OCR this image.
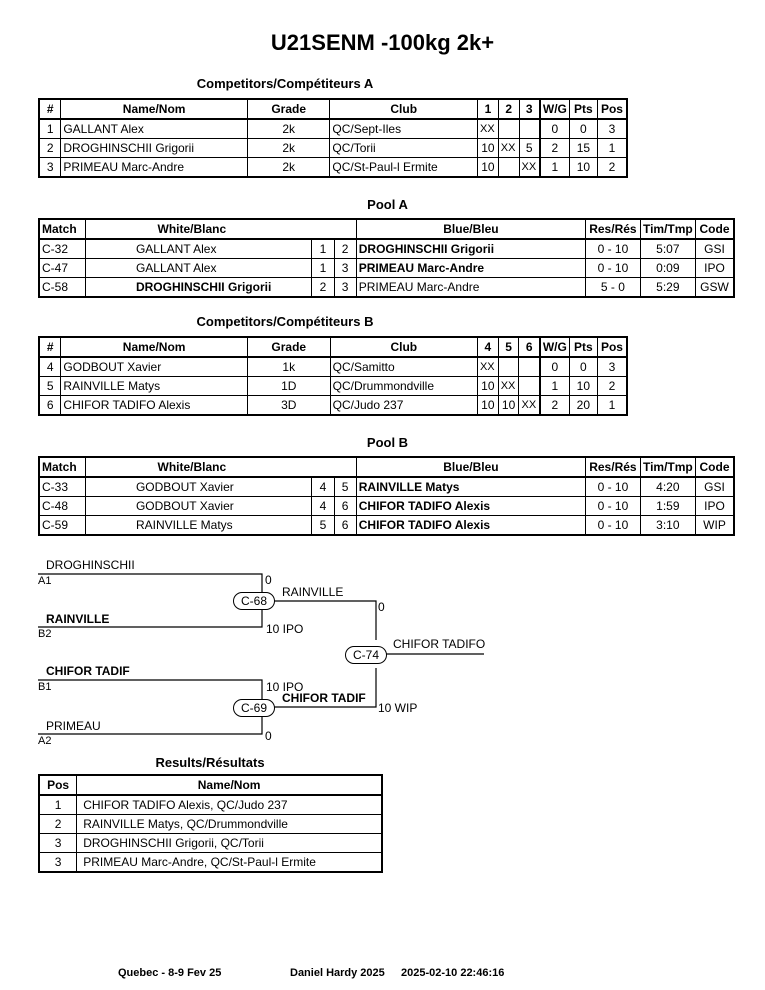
U21SENM -100kg 2k+
Competitors/Compétiteurs A
#	Name/Nom	Grade	Club	1	2	3	W/G	Pts	Pos
1	GALLANT Alex	2k	QC/Sept-Iles	XX			0	0	3
2	DROGHINSCHII Grigorii	2k	QC/Torii	10	XX	5	2	15	1
3	PRIMEAU Marc-Andre	2k	QC/St-Paul-l Ermite	10		XX	1	10	2
Pool A
Match	White/Blanc			Blue/Bleu	Res/Rés	Tim/Tmp	Code
C-32	GALLANT Alex	1	2	DROGHINSCHII Grigorii	0 - 10	5:07	GSI
C-47	GALLANT Alex	1	3	PRIMEAU Marc-Andre	0 - 10	0:09	IPO
C-58	DROGHINSCHII Grigorii	2	3	PRIMEAU Marc-Andre	5 - 0	5:29	GSW
Competitors/Compétiteurs B
#	Name/Nom	Grade	Club	4	5	6	W/G	Pts	Pos
4	GODBOUT Xavier	1k	QC/Samitto	XX			0	0	3
5	RAINVILLE Matys	1D	QC/Drummondville	10	XX		1	10	2
6	CHIFOR TADIFO Alexis	3D	QC/Judo 237	10	10	XX	2	20	1
Pool B
Match	White/Blanc			Blue/Bleu	Res/Rés	Tim/Tmp	Code
C-33	GODBOUT Xavier	4	5	RAINVILLE Matys	0 - 10	4:20	GSI
C-48	GODBOUT Xavier	4	6	CHIFOR TADIFO Alexis	0 - 10	1:59	IPO
C-59	RAINVILLE Matys	5	6	CHIFOR TADIFO Alexis	0 - 10	3:10	WIP
DROGHINSCHII
A1	0
RAINVILLE
B2	10 IPO
C-68
RAINVILLE
0
CHIFOR TADIF
B1	10 IPO
PRIMEAU
A2	0
C-69
CHIFOR TADIF
10 WIP
C-74
CHIFOR TADIFO
Results/Résultats
Pos	Name/Nom
1	CHIFOR TADIFO Alexis, QC/Judo 237
2	RAINVILLE Matys, QC/Drummondville
3	DROGHINSCHII Grigorii, QC/Torii
3	PRIMEAU Marc-Andre, QC/St-Paul-l Ermite
Quebec - 8-9 Fev 25	Daniel Hardy 2025 2025-02-10 22:46:16
